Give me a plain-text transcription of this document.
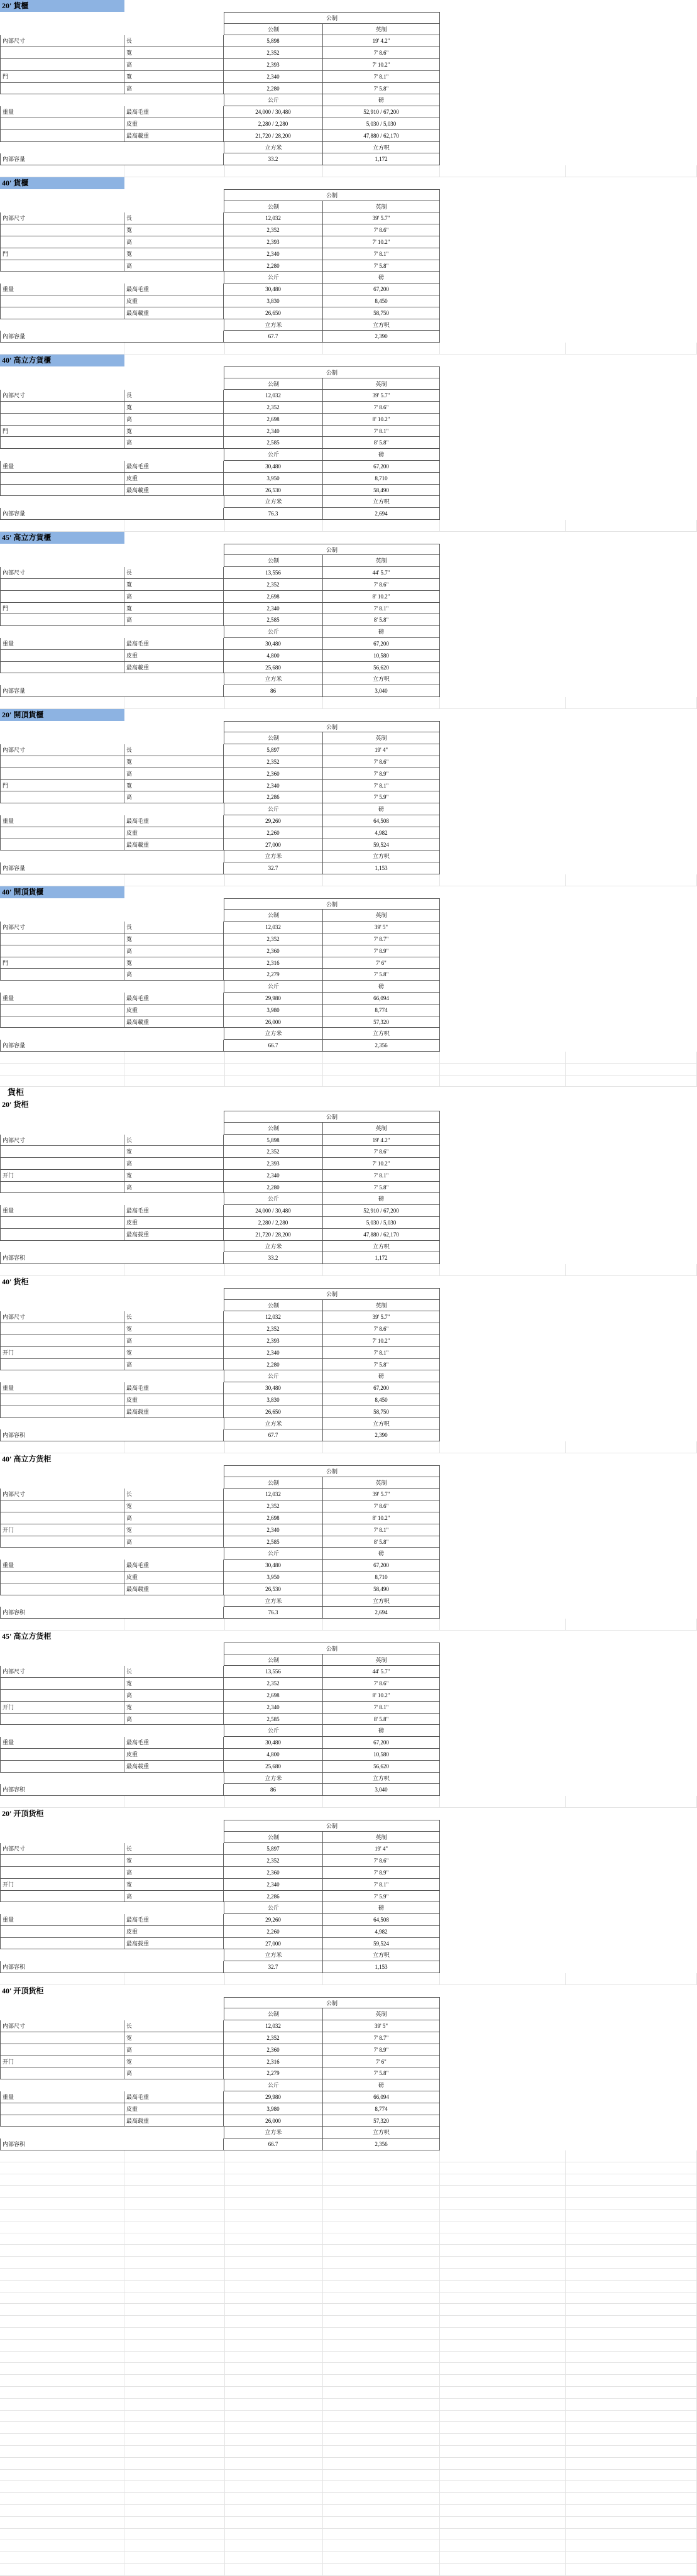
20' 貨櫃
公制
公制	英制
內部尺寸	長	5,898	19' 4.2"
寬	2,352	7' 8.6"
高	2,393	7' 10.2"
門	寬	2,340	7' 8.1"
高	2,280	7' 5.8"
公斤	磅
重量	最高毛重	24,000 / 30,480	52,910 / 67,200
皮重	2,280 / 2,280	5,030 / 5,030
最高載重	21,720 / 28,200	47,880 / 62,170
立方米	立方呎
內部容量	33.2	1,172
40' 貨櫃
公制
公制	英制
內部尺寸	長	12,032	39' 5.7"
寬	2,352	7' 8.6"
高	2,393	7' 10.2"
門	寬	2,340	7' 8.1"
高	2,280	7' 5.8"
公斤	磅
重量	最高毛重	30,480	67,200
皮重	3,830	8,450
最高載重	26,650	58,750
立方米	立方呎
內部容量	67.7	2,390
40' 高立方貨櫃
公制
公制	英制
內部尺寸	長	12,032	39' 5.7"
寬	2,352	7' 8.6"
高	2,698	8' 10.2"
門	寬	2,340	7' 8.1"
高	2,585	8' 5.8"
公斤	磅
重量	最高毛重	30,480	67,200
皮重	3,950	8,710
最高載重	26,530	58,490
立方米	立方呎
內部容量	76.3	2,694
45' 高立方貨櫃
公制
公制	英制
內部尺寸	長	13,556	44' 5.7"
寬	2,352	7' 8.6"
高	2,698	8' 10.2"
門	寬	2,340	7' 8.1"
高	2,585	8' 5.8"
公斤	磅
重量	最高毛重	30,480	67,200
皮重	4,800	10,580
最高載重	25,680	56,620
立方米	立方呎
內部容量	86	3,040
20' 開頂貨櫃
公制
公制	英制
內部尺寸	長	5,897	19' 4"
寬	2,352	7' 8.6"
高	2,360	7' 8.9"
門	寬	2,340	7' 8.1"
高	2,286	7' 5.9"
公斤	磅
重量	最高毛重	29,260	64,508
皮重	2,260	4,982
最高載重	27,000	59,524
立方米	立方呎
內部容量	32.7	1,153
40' 開頂貨櫃
公制
公制	英制
內部尺寸	長	12,032	39' 5"
寬	2,352	7' 8.7"
高	2,360	7' 8.9"
門	寬	2,316	7' 6"
高	2,279	7' 5.8"
公斤	磅
重量	最高毛重	29,980	66,094
皮重	3,980	8,774
最高載重	26,000	57,320
立方米	立方呎
內部容量	66.7	2,356
貨柜
20' 货柜
公制
公制	英制
内部尺寸	长	5,898	19' 4.2"
宽	2,352	7' 8.6"
高	2,393	7' 10.2"
开门	宽	2,340	7' 8.1"
高	2,280	7' 5.8"
公斤	磅
重量	最高毛重	24,000 / 30,480	52,910 / 67,200
皮重	2,280 / 2,280	5,030 / 5,030
最高载重	21,720 / 28,200	47,880 / 62,170
立方米	立方呎
内部容积	33.2	1,172
40' 货柜
公制
公制	英制
内部尺寸	长	12,032	39' 5.7"
宽	2,352	7' 8.6"
高	2,393	7' 10.2"
开门	宽	2,340	7' 8.1"
高	2,280	7' 5.8"
公斤	磅
重量	最高毛重	30,480	67,200
皮重	3,830	8,450
最高载重	26,650	58,750
立方米	立方呎
内部容积	67.7	2,390
40' 高立方货柜
公制
公制	英制
内部尺寸	长	12,032	39' 5.7"
宽	2,352	7' 8.6"
高	2,698	8' 10.2"
开门	宽	2,340	7' 8.1"
高	2,585	8' 5.8"
公斤	磅
重量	最高毛重	30,480	67,200
皮重	3,950	8,710
最高载重	26,530	58,490
立方米	立方呎
内部容积	76.3	2,694
45' 高立方货柜
公制
公制	英制
内部尺寸	长	13,556	44' 5.7"
宽	2,352	7' 8.6"
高	2,698	8' 10.2"
开门	宽	2,340	7' 8.1"
高	2,585	8' 5.8"
公斤	磅
重量	最高毛重	30,480	67,200
皮重	4,800	10,580
最高载重	25,680	56,620
立方米	立方呎
内部容积	86	3,040
20' 开顶货柜
公制
公制	英制
内部尺寸	长	5,897	19' 4"
宽	2,352	7' 8.6"
高	2,360	7' 8.9"
开门	宽	2,340	7' 8.1"
高	2,286	7' 5.9"
公斤	磅
重量	最高毛重	29,260	64,508
皮重	2,260	4,982
最高载重	27,000	59,524
立方米	立方呎
内部容积	32.7	1,153
40' 开顶货柜
公制
公制	英制
内部尺寸	长	12,032	39' 5"
宽	2,352	7' 8.7"
高	2,360	7' 8.9"
开门	宽	2,316	7' 6"
高	2,279	7' 5.8"
公斤	磅
重量	最高毛重	29,980	66,094
皮重	3,980	8,774
最高载重	26,000	57,320
立方米	立方呎
内部容积	66.7	2,356
